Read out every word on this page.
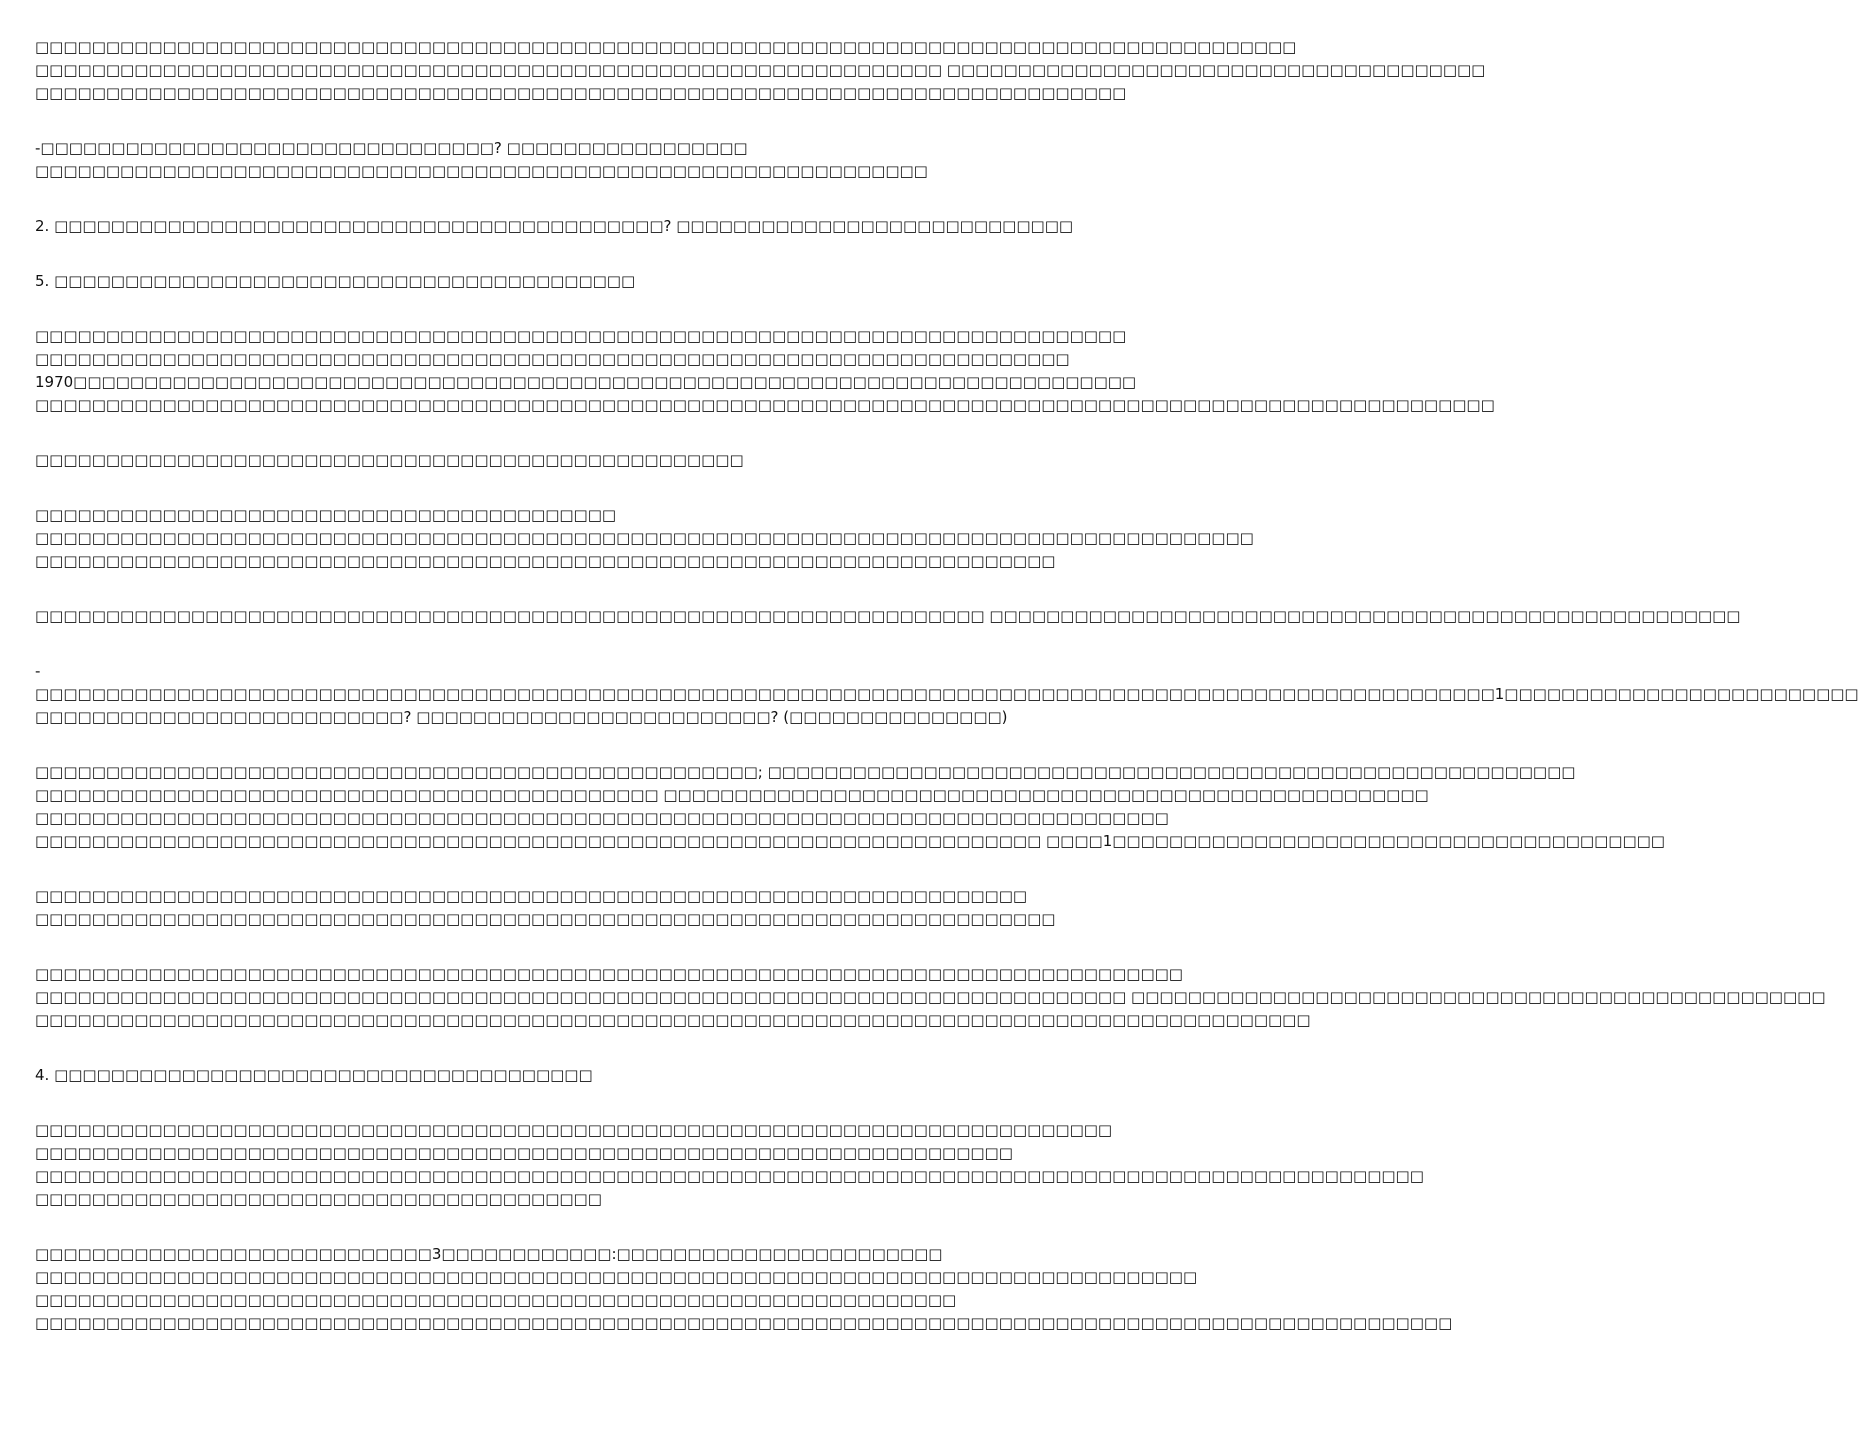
□□□□□□□□□□□□□□□□□□□□□□□□□□□□□□□□□□□□□□□□□□□□□□□□□□□□□□□□□□□□□□□□□□□□□□□□□□□□□□□□□□□□□□□□□
□□□□□□□□□□□□□□□□□□□□□□□□□□□□□□□□□□□□□□□□□□□□□□□□□□□□□□□□□□□□□□□□ □□□□□□□□□□□□□□□□□□□□□□□□□□□□□□□□□□□□□□
□□□□□□□□□□□□□□□□□□□□□□□□□□□□□□□□□□□□□□□□□□□□□□□□□□□□□□□□□□□□□□□□□□□□□□□□□□□□□
-□□□□□□□□□□□□□□□□□□□□□□□□□□□□□□□□? □□□□□□□□□□□□□□□□□
□□□□□□□□□□□□□□□□□□□□□□□□□□□□□□□□□□□□□□□□□□□□□□□□□□□□□□□□□□□□□□□
2. □□□□□□□□□□□□□□□□□□□□□□□□□□□□□□□□□□□□□□□□□□□? □□□□□□□□□□□□□□□□□□□□□□□□□□□□
5. □□□□□□□□□□□□□□□□□□□□□□□□□□□□□□□□□□□□□□□□□
□□□□□□□□□□□□□□□□□□□□□□□□□□□□□□□□□□□□□□□□□□□□□□□□□□□□□□□□□□□□□□□□□□□□□□□□□□□□□
□□□□□□□□□□□□□□□□□□□□□□□□□□□□□□□□□□□□□□□□□□□□□□□□□□□□□□□□□□□□□□□□□□□□□□□□□
1970□□□□□□□□□□□□□□□□□□□□□□□□□□□□□□□□□□□□□□□□□□□□□□□□□□□□□□□□□□□□□□□□□□□□□□□□□□□
□□□□□□□□□□□□□□□□□□□□□□□□□□□□□□□□□□□□□□□□□□□□□□□□□□□□□□□□□□□□□□□□□□□□□□□□□□□□□□□□□□□□□□□□□□□□□□□□□□□□□□□
□□□□□□□□□□□□□□□□□□□□□□□□□□□□□□□□□□□□□□□□□□□□□□□□□□
□□□□□□□□□□□□□□□□□□□□□□□□□□□□□□□□□□□□□□□□□
□□□□□□□□□□□□□□□□□□□□□□□□□□□□□□□□□□□□□□□□□□□□□□□□□□□□□□□□□□□□□□□□□□□□□□□□□□□□□□□□□□□□□□
□□□□□□□□□□□□□□□□□□□□□□□□□□□□□□□□□□□□□□□□□□□□□□□□□□□□□□□□□□□□□□□□□□□□□□□□
□□□□□□□□□□□□□□□□□□□□□□□□□□□□□□□□□□□□□□□□□□□□□□□□□□□□□□□□□□□□□□□□□□□ □□□□□□□□□□□□□□□□□□□□□□□□□□□□□□□□□□□□□□□□□□□□□□□□□□□□□
-
□□□□□□□□□□□□□□□□□□□□□□□□□□□□□□□□□□□□□□□□□□□□□□□□□□□□□□□□□□□□□□□□□□□□□□□□□□□□□□□□□□□□□□□□□□□□□□□□□□□□□□□1□□□□□□□□□□□□□□□□□□□□□□□□□
□□□□□□□□□□□□□□□□□□□□□□□□□□? □□□□□□□□□□□□□□□□□□□□□□□□□? (□□□□□□□□□□□□□□□)
□□□□□□□□□□□□□□□□□□□□□□□□□□□□□□□□□□□□□□□□□□□□□□□□□□□; □□□□□□□□□□□□□□□□□□□□□□□□□□□□□□□□□□□□□□□□□□□□□□□□□□□□□□□□□
□□□□□□□□□□□□□□□□□□□□□□□□□□□□□□□□□□□□□□□□□□□□ □□□□□□□□□□□□□□□□□□□□□□□□□□□□□□□□□□□□□□□□□□□□□□□□□□□□□□
□□□□□□□□□□□□□□□□□□□□□□□□□□□□□□□□□□□□□□□□□□□□□□□□□□□□□□□□□□□□□□□□□□□□□□□□□□□□□□□□
□□□□□□□□□□□□□□□□□□□□□□□□□□□□□□□□□□□□□□□□□□□□□□□□□□□□□□□□□□□□□□□□□□□□□□□ □□□□1□□□□□□□□□□□□□□□□□□□□□□□□□□□□□□□□□□□□□□□
□□□□□□□□□□□□□□□□□□□□□□□□□□□□□□□□□□□□□□□□□□□□□□□□□□□□□□□□□□□□□□□□□□□□□□
□□□□□□□□□□□□□□□□□□□□□□□□□□□□□□□□□□□□□□□□□□□□□□□□□□□□□□□□□□□□□□□□□□□□□□□□
□□□□□□□□□□□□□□□□□□□□□□□□□□□□□□□□□□□□□□□□□□□□□□□□□□□□□□□□□□□□□□□□□□□□□□□□□□□□□□□□□
□□□□□□□□□□□□□□□□□□□□□□□□□□□□□□□□□□□□□□□□□□□□□□□□□□□□□□□□□□□□□□□□□□□□□□□□□□□□□ □□□□□□□□□□□□□□□□□□□□□□□□□□□□□□□□□□□□□□□□□□□□□□□□□
□□□□□□□□□□□□□□□□□□□□□□□□□□□□□□□□□□□□□□□□□□□□□□□□□□□□□□□□□□□□□□□□□□□□□□□□□□□□□□□□□□□□□□□□□□
4. □□□□□□□□□□□□□□□□□□□□□□□□□□□□□□□□□□□□□□
□□□□□□□□□□□□□□□□□□□□□□□□□□□□□□□□□□□□□□□□□□□□□□□□□□□□□□□□□□□□□□□□□□□□□□□□□□□□
□□□□□□□□□□□□□□□□□□□□□□□□□□□□□□□□□□□□□□□□□□□□□□□□□□□□□□□□□□□□□□□□□□□□□
□□□□□□□□□□□□□□□□□□□□□□□□□□□□□□□□□□□□□□□□□□□□□□□□□□□□□□□□□□□□□□□□□□□□□□□□□□□□□□□□□□□□□□□□□□□□□□□□□□
□□□□□□□□□□□□□□□□□□□□□□□□□□□□□□□□□□□□□□□□
□□□□□□□□□□□□□□□□□□□□□□□□□□□□3□□□□□□□□□□□□:□□□□□□□□□□□□□□□□□□□□□□□
□□□□□□□□□□□□□□□□□□□□□□□□□□□□□□□□□□□□□□□□□□□□□□□□□□□□□□□□□□□□□□□□□□□□□□□□□□□□□□□□□□
□□□□□□□□□□□□□□□□□□□□□□□□□□□□□□□□□□□□□□□□□□□□□□□□□□□□□□□□□□□□□□□□□
□□□□□□□□□□□□□□□□□□□□□□□□□□□□□□□□□□□□□□□□□□□□□□□□□□□□□□□□□□□□□□□□□□□□□□□□□□□□□□□□□□□□□□□□□□□□□□□□□□□□
